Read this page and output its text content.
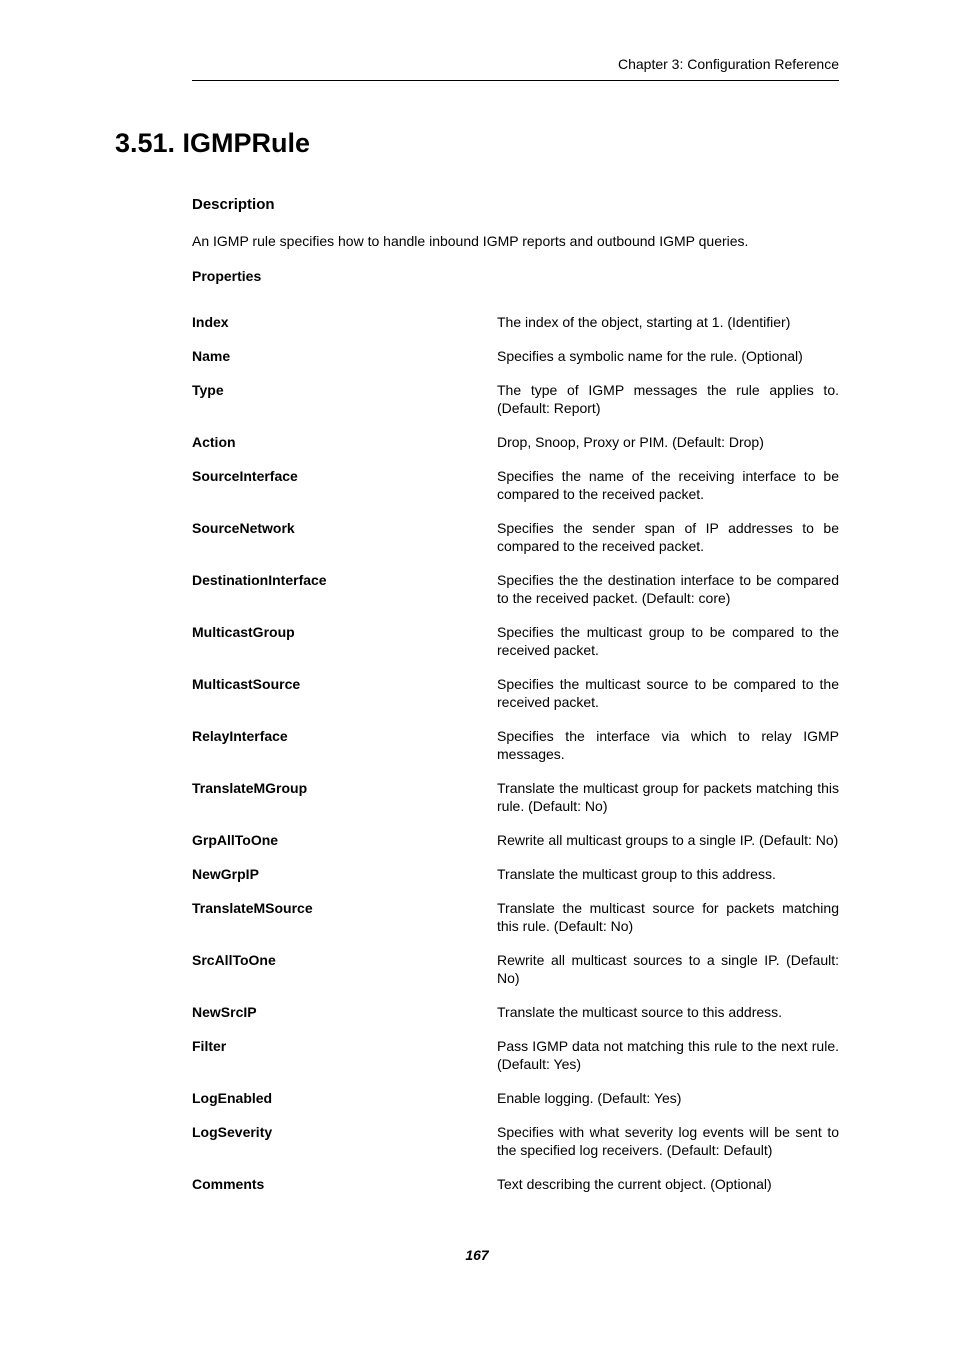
Chapter 3: Configuration Reference
3.51. IGMPRule
Description

An IGMP rule specifies how to handle inbound IGMP reports and outbound IGMP queries.

Properties
Index	The index of the object, starting at 1. (Identifier)
Name	Specifies a symbolic name for the rule. (Optional)
Type	The type of IGMP messages the rule applies to. (Default: Report)
Action	Drop, Snoop, Proxy or PIM. (Default: Drop)
SourceInterface	Specifies the name of the receiving interface to be compared to the received packet.
SourceNetwork	Specifies the sender span of IP addresses to be compared to the received packet.
DestinationInterface	Specifies the the destination interface to be compared to the received packet. (Default: core)
MulticastGroup	Specifies the multicast group to be compared to the received packet.
MulticastSource	Specifies the multicast source to be compared to the received packet.
RelayInterface	Specifies the interface via which to relay IGMP messages.
TranslateMGroup	Translate the multicast group for packets matching this rule. (Default: No)
GrpAllToOne	Rewrite all multicast groups to a single IP. (Default: No)
NewGrpIP	Translate the multicast group to this address.
TranslateMSource	Translate the multicast source for packets matching this rule. (Default: No)
SrcAllToOne	Rewrite all multicast sources to a single IP. (Default: No)
NewSrcIP	Translate the multicast source to this address.
Filter	Pass IGMP data not matching this rule to the next rule. (Default: Yes)
LogEnabled	Enable logging. (Default: Yes)
LogSeverity	Specifies with what severity log events will be sent to the specified log receivers. (Default: Default)
Comments	Text describing the current object. (Optional)
167
